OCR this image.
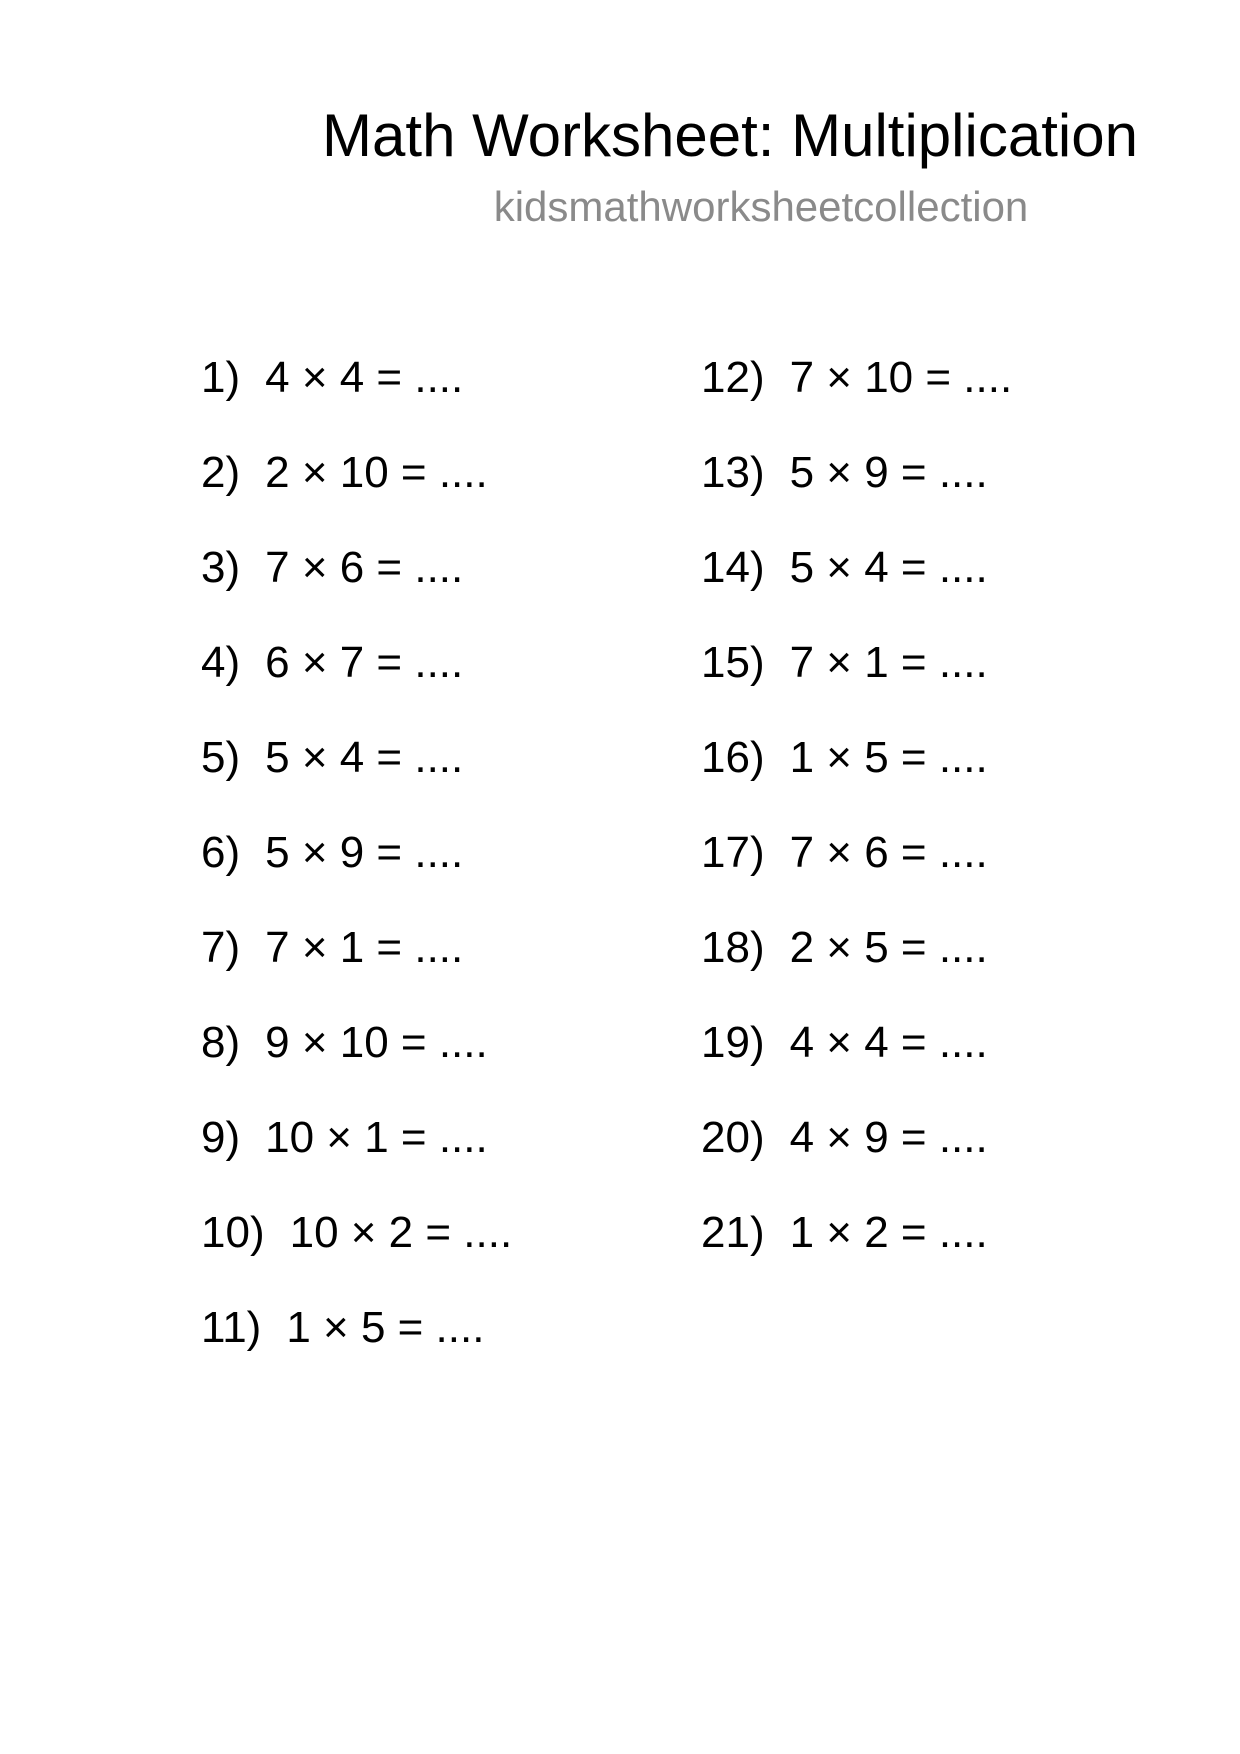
Math Worksheet: Multiplication
kidsmathworksheetcollection
1) 4 × 4 = ....
2) 2 × 10 = ....
3) 7 × 6 = ....
4) 6 × 7 = ....
5) 5 × 4 = ....
6) 5 × 9 = ....
7) 7 × 1 = ....
8) 9 × 10 = ....
9) 10 × 1 = ....
10) 10 × 2 = ....
11) 1 × 5 = ....
12) 7 × 10 = ....
13) 5 × 9 = ....
14) 5 × 4 = ....
15) 7 × 1 = ....
16) 1 × 5 = ....
17) 7 × 6 = ....
18) 2 × 5 = ....
19) 4 × 4 = ....
20) 4 × 9 = ....
21) 1 × 2 = ....
